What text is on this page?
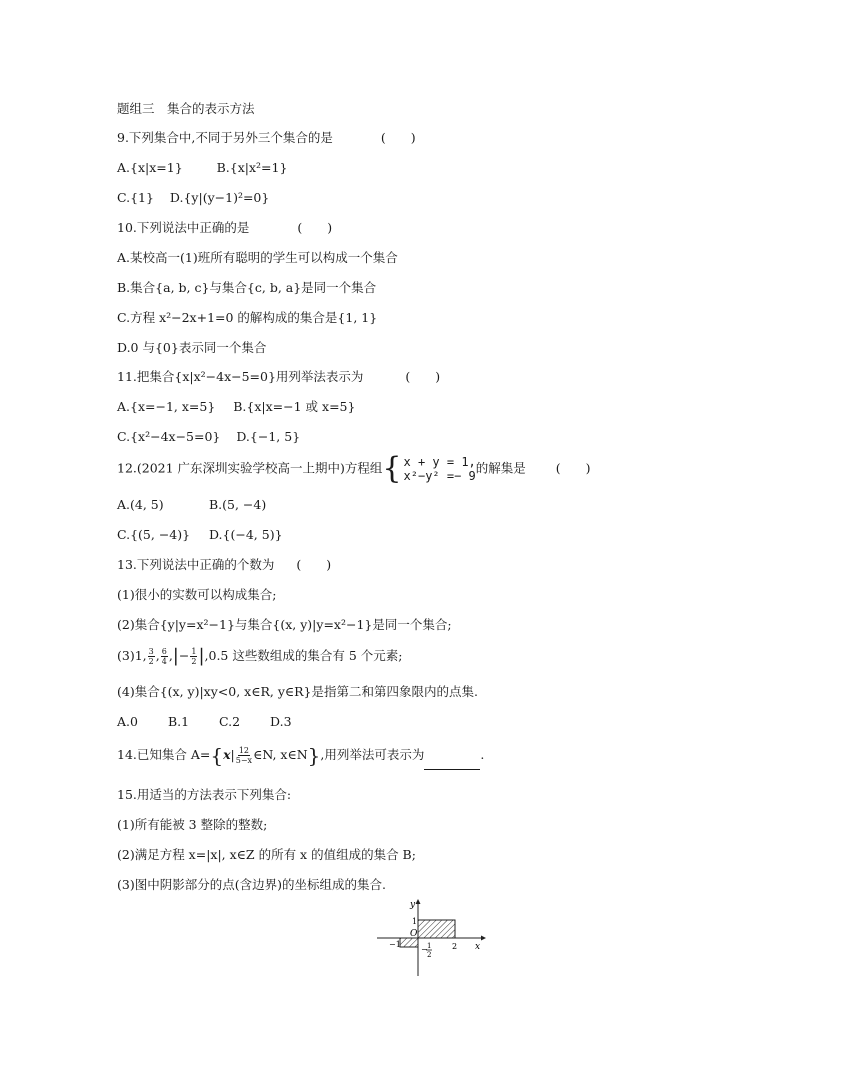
题组三　集合的表示方法
9.下列集合中,不同于另外三个集合的是	(　　)
A.{x|x=1}	B.{x|x²=1}
C.{1} D.{y|(y−1)²=0}
10.下列说法中正确的是	(　　)
A.某校高一(1)班所有聪明的学生可以构成一个集合
B.集合{a, b, c}与集合{c, b, a}是同一个集合
C.方程 x²−2x+1=0 的解构成的集合是{1, 1}
D.0 与{0}表示同一个集合
11.把集合{x|x²−4x−5=0}用列举法表示为	(　　)
A.{x=−1, x=5} B.{x|x=−1 或 x=5}
C.{x²−4x−5=0} D.{−1, 5}
12.(2021 广东深圳实验学校高一上期中)方程组 { x + y = 1,
x²−y² =− 9
的解集是 (　　)
A.(4, 5)	B.(5, −4)
C.{(5, −4)} D.{(−4, 5)}
13.下列说法中正确的个数为 (　　)
(1)很小的实数可以构成集合;
(2)集合{y|y=x²−1}与集合{(x, y)|y=x²−1}是同一个集合;
(3)1, $\frac{3}{2}$ , $\frac{6}{4}$ ,|− $\frac{1}{2} |,0.5$ 这些数组成的集合有 5 个元素;
(4)集合{(x, y)|xy<0, x∈R, y∈R}是指第二和第四象限内的点集.
A.0 B.1 C.2 D.3
14.已知集合 $A=\{x| \frac{12}{5-x}$ ∈N, x∈N},用列举法可表示为	.
15.用适当的方法表示下列集合:
(1)所有能被 3 整除的整数;
(2)满足方程 x=|x|, x∈Z 的所有 x 的值组成的集合 B;
(3)图中阴影部分的点(含边界)的坐标组成的集合.
y
x
O
1
−1	2
− 1
2
